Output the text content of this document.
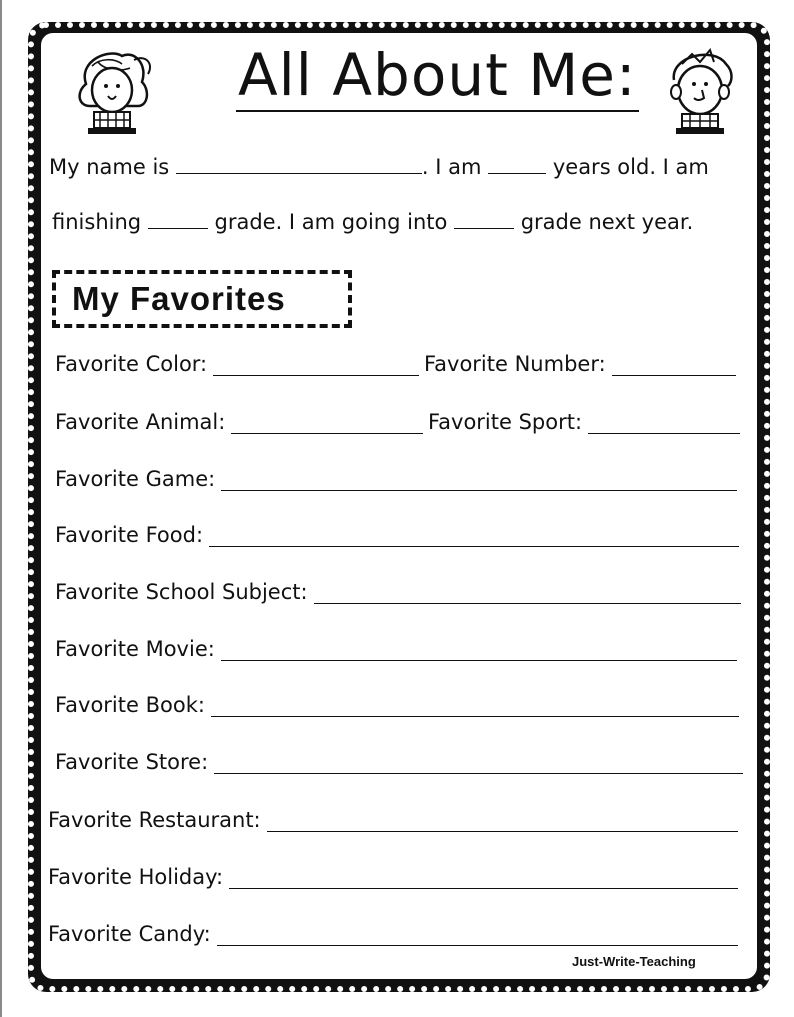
All About Me:
My name is	. I am	years old. I am
finishing	grade. I am going into	grade next year.
My Favorites
Favorite Color:	Favorite Number:
Favorite Animal:	Favorite Sport:
Favorite Game:
Favorite Food:
Favorite School Subject:
Favorite Movie:
Favorite Book:
Favorite Store:
Favorite Restaurant:
Favorite Holiday:
Favorite Candy:
Just-Write-Teaching
